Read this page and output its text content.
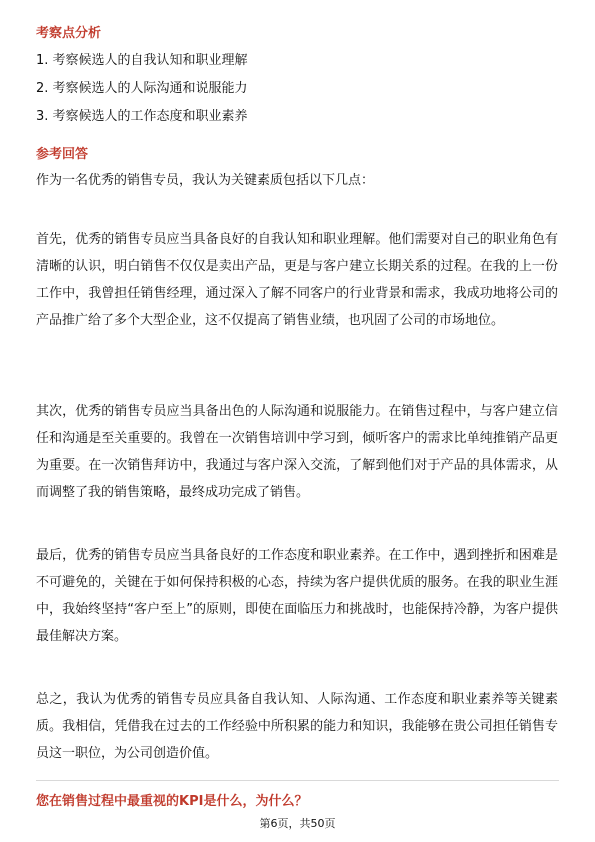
考察点分析
1. 考察候选人的自我认知和职业理解
2. 考察候选人的人际沟通和说服能力
3. 考察候选人的工作态度和职业素养
参考回答
作为一名优秀的销售专员，我认为关键素质包括以下几点：
首先，优秀的销售专员应当具备良好的自我认知和职业理解。他们需要对自己的职业角色有清晰的认识，明白销售不仅仅是卖出产品，更是与客户建立长期关系的过程。在我的上一份工作中，我曾担任销售经理，通过深入了解不同客户的行业背景和需求，我成功地将公司的产品推广给了多个大型企业，这不仅提高了销售业绩，也巩固了公司的市场地位。
其次，优秀的销售专员应当具备出色的人际沟通和说服能力。在销售过程中，与客户建立信任和沟通是至关重要的。我曾在一次销售培训中学习到，倾听客户的需求比单纯推销产品更为重要。在一次销售拜访中，我通过与客户深入交流，了解到他们对于产品的具体需求，从而调整了我的销售策略，最终成功完成了销售。
最后，优秀的销售专员应当具备良好的工作态度和职业素养。在工作中，遇到挫折和困难是不可避免的，关键在于如何保持积极的心态，持续为客户提供优质的服务。在我的职业生涯中，我始终坚持“客户至上”的原则，即使在面临压力和挑战时，也能保持冷静，为客户提供最佳解决方案。
总之，我认为优秀的销售专员应具备自我认知、人际沟通、工作态度和职业素养等关键素质。我相信，凭借我在过去的工作经验中所积累的能力和知识，我能够在贵公司担任销售专员这一职位，为公司创造价值。
您在销售过程中最重视的KPI是什么，为什么？
第6页，共50页
